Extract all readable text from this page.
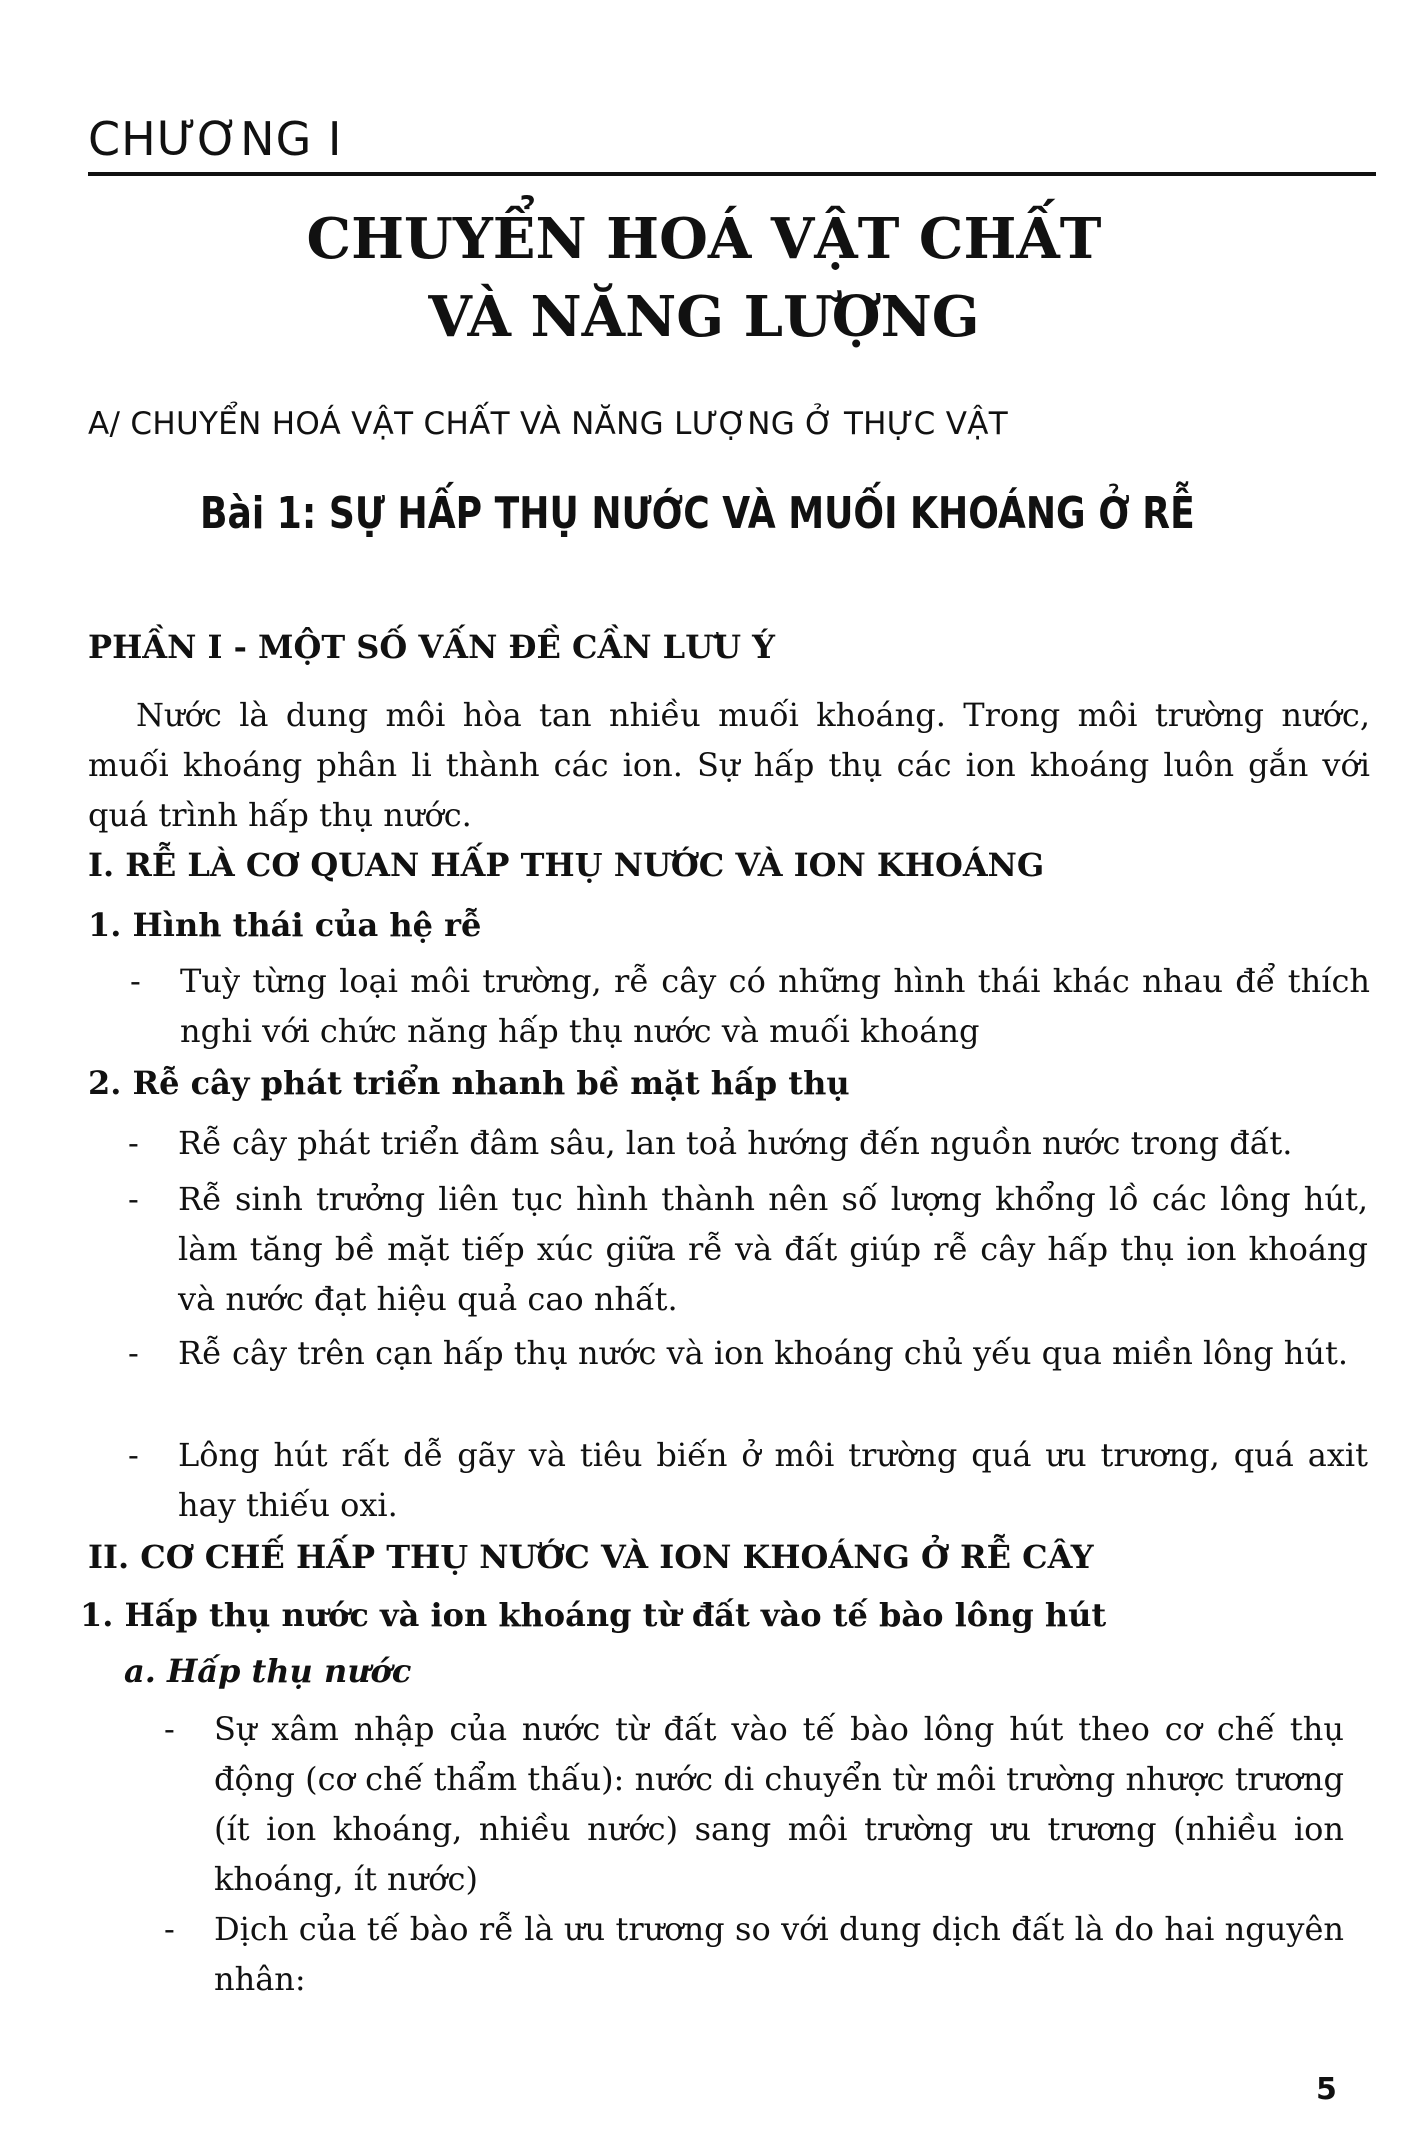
CHƯƠNG I
CHUYỂN HOÁ VẬT CHẤT
VÀ NĂNG LƯỢNG
A/ CHUYỂN HOÁ VẬT CHẤT VÀ NĂNG LƯỢNG Ở THỰC VẬT
Bài 1: SỰ HẤP THỤ NƯỚC VÀ MUỐI KHOÁNG Ở RỄ
PHẦN I - MỘT SỐ VẤN ĐỀ CẦN LƯU Ý
Nước là dung môi hòa tan nhiều muối khoáng. Trong môi trường nước, muối khoáng phân li thành các ion. Sự hấp thụ các ion khoáng luôn gắn với quá trình hấp thụ nước.
I. RỄ LÀ CƠ QUAN HẤP THỤ NƯỚC VÀ ION KHOÁNG
1. Hình thái của hệ rễ
- Tuỳ từng loại môi trường, rễ cây có những hình thái khác nhau để thích nghi với chức năng hấp thụ nước và muối khoáng
2. Rễ cây phát triển nhanh bề mặt hấp thụ
- Rễ cây phát triển đâm sâu, lan toả hướng đến nguồn nước trong đất.
- Rễ sinh trưởng liên tục hình thành nên số lượng khổng lồ các lông hút, làm tăng bề mặt tiếp xúc giữa rễ và đất giúp rễ cây hấp thụ ion khoáng và nước đạt hiệu quả cao nhất.
- Rễ cây trên cạn hấp thụ nước và ion khoáng chủ yếu qua miền lông hút.
- Lông hút rất dễ gãy và tiêu biến ở môi trường quá ưu trương, quá axit hay thiếu oxi.
II. CƠ CHẾ HẤP THỤ NƯỚC VÀ ION KHOÁNG Ở RỄ CÂY
1. Hấp thụ nước và ion khoáng từ đất vào tế bào lông hút
a. Hấp thụ nước
- Sự xâm nhập của nước từ đất vào tế bào lông hút theo cơ chế thụ động (cơ chế thẩm thấu): nước di chuyển từ môi trường nhược trương (ít ion khoáng, nhiều nước) sang môi trường ưu trương (nhiều ion khoáng, ít nước)
- Dịch của tế bào rễ là ưu trương so với dung dịch đất là do hai nguyên nhân:
5
